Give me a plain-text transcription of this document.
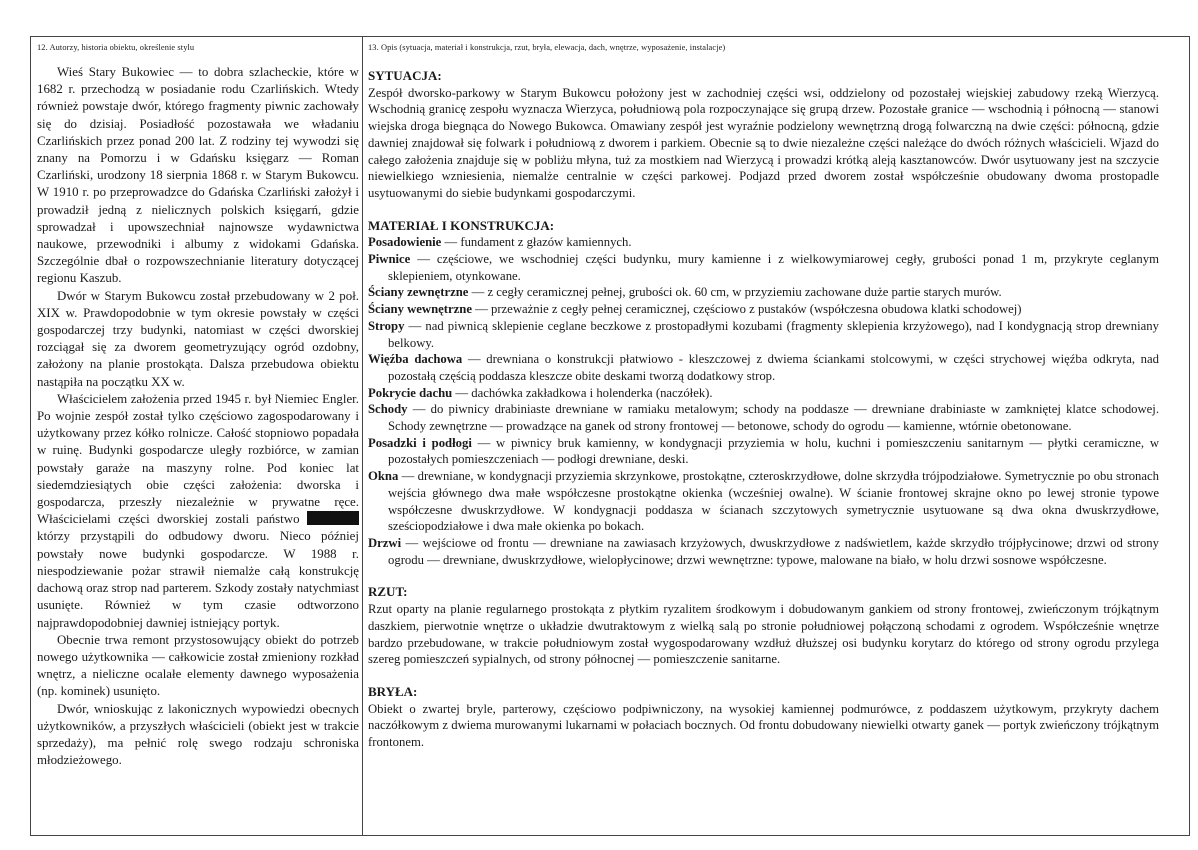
12. Autorzy, historia obiektu, określenie stylu	13. Opis (sytuacja, materiał i konstrukcja, rzut, bryła, elewacja, dach, wnętrze, wyposażenie, instalacje)

Wieś Stary Bukowiec — to dobra szlacheckie, które w 1682 r. przechodzą w posiadanie rodu Czarlińskich. Wtedy również powstaje dwór, którego fragmenty piwnic zachowały się do dzisiaj. Posiadłość pozostawała we władaniu Czarlińskich przez ponad 200 lat. Z rodziny tej wywodzi się znany na Pomorzu i w Gdańsku księgarz — Roman Czarliński, urodzony 18 sierpnia 1868 r. w Starym Bukowcu. W 1910 r. po przeprowadzce do Gdańska Czarliński założył i prowadził jedną z nielicznych polskich księgarń, gdzie sprowadzał i upowszechniał najnowsze wydawnictwa naukowe, przewodniki i albumy z widokami Gdańska. Szczególnie dbał o rozpowszechnianie literatury dotyczącej regionu Kaszub.

Dwór w Starym Bukowcu został przebudowany w 2 poł. XIX w. Prawdopodobnie w tym okresie powstały w części gospodarczej trzy budynki, natomiast w części dworskiej rozciągał się za dworem geometryzujący ogród ozdobny, założony na planie prostokąta. Dalsza przebudowa obiektu nastąpiła na początku XX w.

Właścicielem założenia przed 1945 r. był Niemiec Engler. Po wojnie zespół został tylko częściowo zagospodarowany i użytkowany przez kółko rolnicze. Całość stopniowo popadała w ruinę. Budynki gospodarcze uległy rozbiórce, w zamian powstały garaże na maszyny rolne. Pod koniec lat siedemdziesiątych obie części założenia: dworska i gospodarcza, przeszły niezależnie w prywatne ręce. Właścicielami części dworskiej zostali państwo którzy przystąpili do odbudowy dworu. Nieco później powstały nowe budynki gospodarcze. W 1988 r. niespodziewanie pożar strawił niemalże całą konstrukcję dachową oraz strop nad parterem. Szkody zostały natychmiast usunięte. Również w tym czasie odtworzono najprawdopodobniej dawniej istniejący portyk.

Obecnie trwa remont przystosowujący obiekt do potrzeb nowego użytkownika — całkowicie został zmieniony rozkład wnętrz, a nieliczne ocalałe elementy dawnego wyposażenia (np. kominek) usunięto.

Dwór, wnioskując z lakonicznych wypowiedzi obecnych użytkowników, a przyszłych właścicieli (obiekt jest w trakcie sprzedaży), ma pełnić rolę swego rodzaju schroniska młodzieżowego.

SYTUACJA:

Zespół dworsko-parkowy w Starym Bukowcu położony jest w zachodniej części wsi, oddzielony od pozostałej wiejskiej zabudowy rzeką Wierzycą. Wschodnią granicę zespołu wyznacza Wierzyca, południową pola rozpoczynające się grupą drzew. Pozostałe granice — wschodnią i północną — stanowi wiejska droga biegnąca do Nowego Bukowca. Omawiany zespół jest wyraźnie podzielony wewnętrzną drogą folwarczną na dwie części: północną, gdzie dawniej znajdował się folwark i południową z dworem i parkiem. Obecnie są to dwie niezależne części należące do dwóch różnych właścicieli. Wjazd do całego założenia znajduje się w pobliżu młyna, tuż za mostkiem nad Wierzycą i prowadzi krótką aleją kasztanowców. Dwór usytuowany jest na szczycie niewielkiego wzniesienia, niemalże centralnie w części parkowej. Podjazd przed dworem został współcześnie obudowany dwoma prostopadle usytuowanymi do siebie budynkami gospodarczymi.

MATERIAŁ I KONSTRUKCJA:

Posadowienie — fundament z głazów kamiennych.

Piwnice — częściowe, we wschodniej części budynku, mury kamienne i z wielkowymiarowej cegły, grubości ponad 1 m, przykryte ceglanym sklepieniem, otynkowane.

Ściany zewnętrzne — z cegły ceramicznej pełnej, grubości ok. 60 cm, w przyziemiu zachowane duże partie starych murów.

Ściany wewnętrzne — przeważnie z cegły pełnej ceramicznej, częściowo z pustaków (współczesna obudowa klatki schodowej)

Stropy — nad piwnicą sklepienie ceglane beczkowe z prostopadłymi kozubami (fragmenty sklepienia krzyżowego), nad I kondygnacją strop drewniany belkowy.

Więźba dachowa — drewniana o konstrukcji płatwiowo - kleszczowej z dwiema ściankami stolcowymi, w części strychowej więźba odkryta, nad pozostałą częścią poddasza kleszcze obite deskami tworzą dodatkowy strop.

Pokrycie dachu — dachówka zakładkowa i holenderka (naczółek).

Schody — do piwnicy drabiniaste drewniane w ramiaku metalowym; schody na poddasze — drewniane drabiniaste w zamkniętej klatce schodowej. Schody zewnętrzne — prowadzące na ganek od strony frontowej — betonowe, schody do ogrodu — kamienne, wtórnie obetonowane.

Posadzki i podłogi — w piwnicy bruk kamienny, w kondygnacji przyziemia w holu, kuchni i pomieszczeniu sanitarnym — płytki ceramiczne, w pozostałych pomieszczeniach — podłogi drewniane, deski.

Okna — drewniane, w kondygnacji przyziemia skrzynkowe, prostokątne, czteroskrzydłowe, dolne skrzydła trójpodziałowe. Symetrycznie po obu stronach wejścia głównego dwa małe współczesne prostokątne okienka (wcześniej owalne). W ścianie frontowej skrajne okno po lewej stronie typowe współczesne dwuskrzydłowe. W kondygnacji poddasza w ścianach szczytowych symetrycznie usytuowane są dwa okna dwuskrzydłowe, sześciopodziałowe i dwa małe okienka po bokach.

Drzwi — wejściowe od frontu — drewniane na zawiasach krzyżowych, dwuskrzydłowe z nadświetlem, każde skrzydło trójpłycinowe; drzwi od strony ogrodu — drewniane, dwuskrzydłowe, wielopłycinowe; drzwi wewnętrzne: typowe, malowane na biało, w holu drzwi sosnowe współczesne.

RZUT:

Rzut oparty na planie regularnego prostokąta z płytkim ryzalitem środkowym i dobudowanym gankiem od strony frontowej, zwieńczonym trójkątnym daszkiem, pierwotnie wnętrze o układzie dwutraktowym z wielką salą po stronie południowej połączoną schodami z ogrodem. Współcześnie wnętrze bardzo przebudowane, w trakcie południowym został wygospodarowany wzdłuż dłuższej osi budynku korytarz do którego od strony ogrodu przylega szereg pomieszczeń sypialnych, od strony północnej — pomieszczenie sanitarne.

BRYŁA:

Obiekt o zwartej bryle, parterowy, częściowo podpiwniczony, na wysokiej kamiennej podmurówce, z poddaszem użytkowym, przykryty dachem naczółkowym z dwiema murowanymi lukarnami w połaciach bocznych. Od frontu dobudowany niewielki otwarty ganek — portyk zwieńczony trójkątnym frontonem.
